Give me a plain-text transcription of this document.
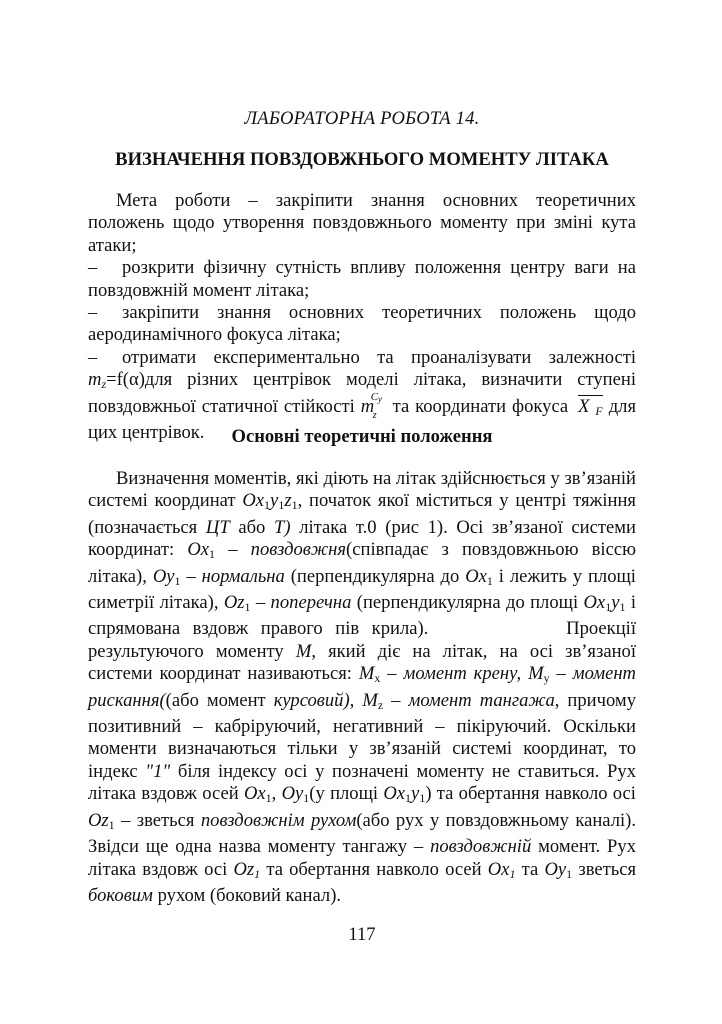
ЛАБОРАТОРНА РОБОТА 14.
ВИЗНАЧЕННЯ ПОВЗДОВЖНЬОГО МОМЕНТУ ЛІТАКА

Мета роботи – закріпити знання основних теоретичних положень щодо утворення повздовжнього моменту при зміні кута атаки;

– розкрити фізичну сутність впливу положення центру ваги на повздовжній момент літака;

– закріпити знання основних теоретичних положень щодо аеродинамічного фокуса літака;

– отримати експериментально та проаналізувати залежності mz=f(α)для різних центрівок моделі літака, визначити ступені повздовжньої статичної стійкості m
Cy
z та координати фокуса X F для цих центрівок.	Основні теоретичні положення

Визначення моментів, які діють на літак здійснюється у зв’язаній системі координат Ox1y1z1, початок якої міститься у центрі тяжіння (позначається ЦТ або Т) літака т.0 (рис 1). Осі зв’язаної системи координат: Ox1 – повздовжня(співпадає з повздовжньою віссю літака), Oy1 – нормальна (перпендикулярна до Ox1 і лежить у площі симетрії літака), Oz1 – поперечна (перпендикулярна до площі Ox1y1 і спрямована вздовж правого пів крила).	Проекції результуючого моменту M, який діє на літак, на осі зв’язаної системи координат називаються: Mx – момент крену, My – момент рискання((або момент курсовий), Mz – момент тангажа, причому позитивний – кабріруючий, негативний – пікіруючий. Оскільки моменти визначаються тільки у зв’язаній системі координат, то індекс "1" біля індексу осі у позначені моменту не ставиться. Рух літака вздовж осей Ox1, Oy1(у площі Ox1y1) та обертання навколо осі Oz1 – зветься повздовжнім рухом(або рух у повздовжньому каналі). Звідси ще одна назва моменту тангажу – повздовжній момент. Рух літака вздовж осі Oz1 та обертання навколо осей Ox1 та Oy1 зветься боковим рухом (боковий канал).

117
